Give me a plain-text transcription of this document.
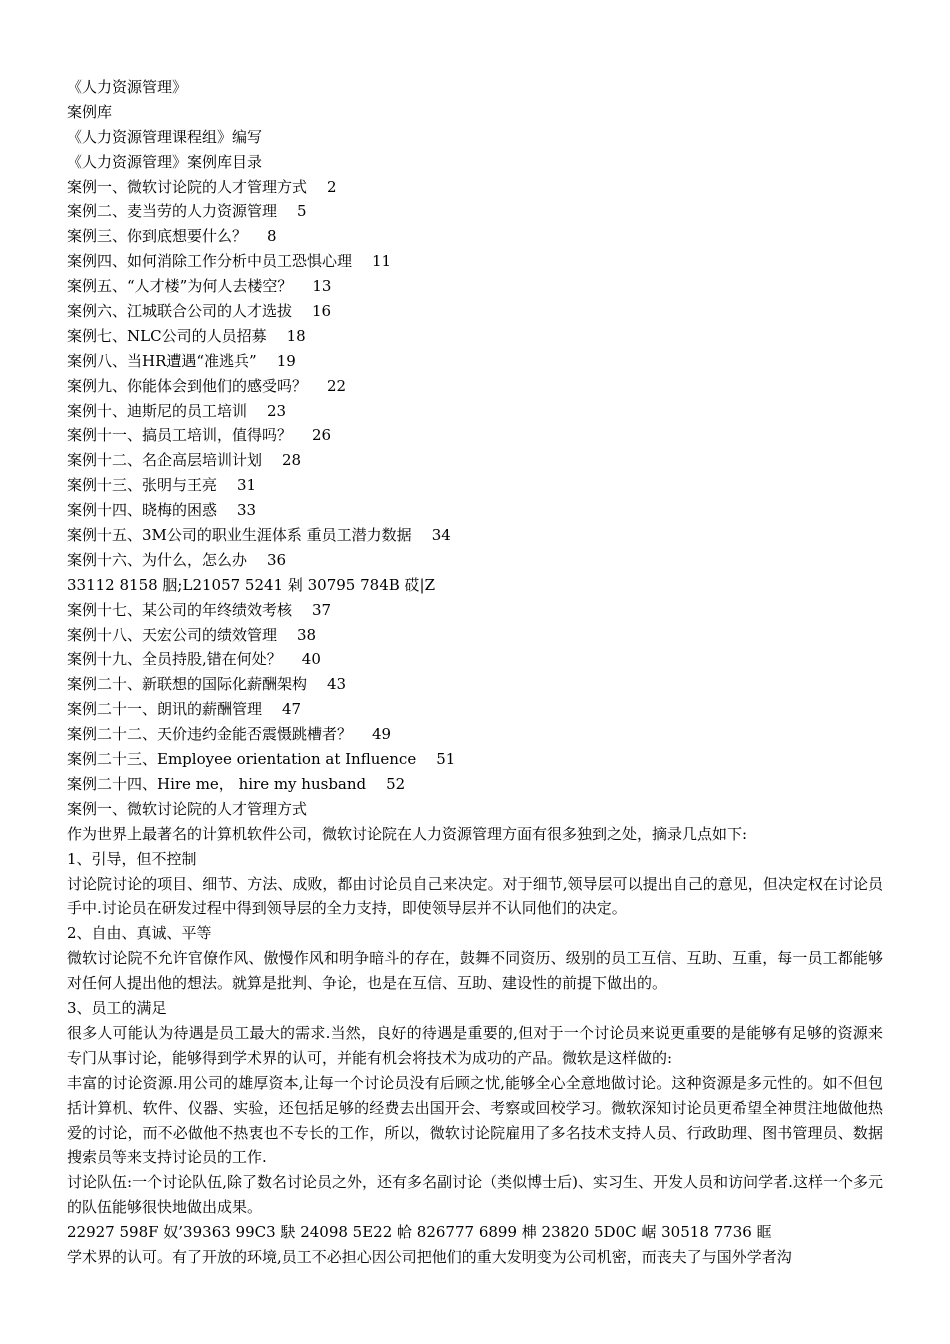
《人力资源管理》
案例库
《人力资源管理课程组》编写
《人力资源管理》案例库目录
案例一、微软讨论院的人才管理方式 2
案例二、麦当劳的人力资源管理 5
案例三、你到底想要什么？ 8
案例四、如何消除工作分析中员工恐惧心理 11
案例五、“人才楼”为何人去楼空？ 13
案例六、江城联合公司的人才选拔 16
案例七、NLC公司的人员招募 18
案例八、当HR遭遇“准逃兵” 19
案例九、你能体会到他们的感受吗？ 22
案例十、迪斯尼的员工培训 23
案例十一、搞员工培训，值得吗？ 26
案例十二、名企高层培训计划 28
案例十三、张明与王亮 31
案例十四、晓梅的困惑 33
案例十五、3M公司的职业生涯体系 重员工潜力数据 34
案例十六、为什么，怎么办 36
33112 8158 胭;L21057 5241 剁 30795 784B 砹|Z
案例十七、某公司的年终绩效考核 37
案例十八、天宏公司的绩效管理 38
案例十九、全员持股,错在何处？ 40
案例二十、新联想的国际化薪酬架构 43
案例二十一、朗讯的薪酬管理 47
案例二十二、天价违约金能否震慑跳槽者？ 49
案例二十三、Employee orientation at Influence 51
案例二十四、Hire me， hire my husband 52
案例一、微软讨论院的人才管理方式
作为世界上最著名的计算机软件公司，微软讨论院在人力资源管理方面有很多独到之处，摘录几点如下:
1、引导，但不控制
讨论院讨论的项目、细节、方法、成败，都由讨论员自己来决定。对于细节,领导层可以提出自己的意见，但决定权在讨论员手中.讨论员在研发过程中得到领导层的全力支持，即使领导层并不认同他们的决定。
2、自由、真诚、平等
微软讨论院不允许官僚作风、傲慢作风和明争暗斗的存在，鼓舞不同资历、级别的员工互信、互助、互重，每一员工都能够对任何人提出他的想法。就算是批判、争论，也是在互信、互助、建设性的前提下做出的。
3、员工的满足
很多人可能认为待遇是员工最大的需求.当然，良好的待遇是重要的,但对于一个讨论员来说更重要的是能够有足够的资源来专门从事讨论，能够得到学术界的认可，并能有机会将技术为成功的产品。微软是这样做的:
丰富的讨论资源.用公司的雄厚资本,让每一个讨论员没有后顾之忧,能够全心全意地做讨论。这种资源是多元性的。如不但包括计算机、软件、仪器、实验，还包括足够的经费去出国开会、考察或回校学习。微软深知讨论员更希望全神贯注地做他热爱的讨论，而不必做他不热衷也不专长的工作，所以，微软讨论院雇用了多名技术支持人员、行政助理、图书管理员、数据搜索员等来支持讨论员的工作.
讨论队伍:一个讨论队伍,除了数名讨论员之外，还有多名副讨论（类似博士后)、实习生、开发人员和访问学者.这样一个多元的队伍能够很快地做出成果。
22927 598F 奴’39363 99C3 駃 24098 5E22 帢 826777 6899 梙 23820 5D0C 崌 30518 7736 眶
学术界的认可。有了开放的环境,员工不必担心因公司把他们的重大发明变为公司机密，而丧夫了与国外学者沟
